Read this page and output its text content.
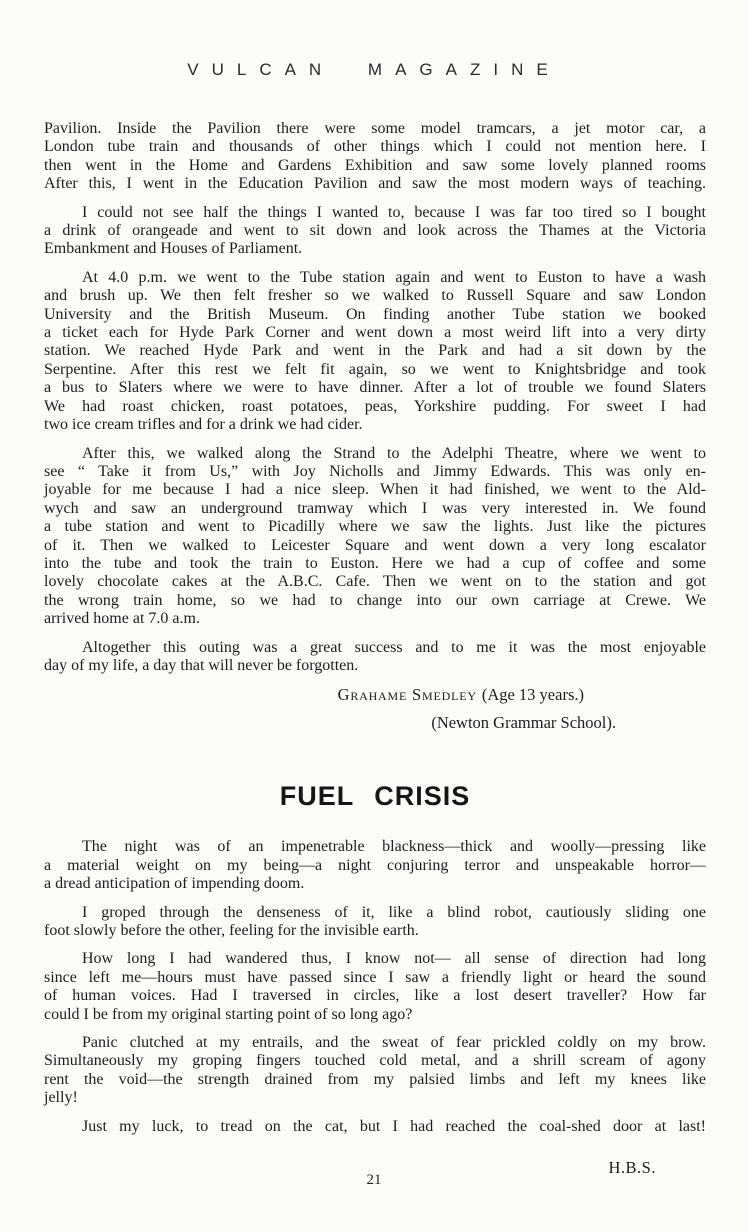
VULCAN MAGAZINE

Pavilion. Inside the Pavilion there were some model tramcars, a jet motor car, a
London tube train and thousands of other things which I could not mention here. I
then went in the Home and Gardens Exhibition and saw some lovely planned rooms
After this, I went in the Education Pavilion and saw the most modern ways of teaching.

I could not see half the things I wanted to, because I was far too tired so I bought
a drink of orangeade and went to sit down and look across the Thames at the Victoria
Embankment and Houses of Parliament.

At 4.0 p.m. we went to the Tube station again and went to Euston to have a wash
and brush up. We then felt fresher so we walked to Russell Square and saw London
University and the British Museum. On finding another Tube station we booked
a ticket each for Hyde Park Corner and went down a most weird lift into a very dirty
station. We reached Hyde Park and went in the Park and had a sit down by the
Serpentine. After this rest we felt fit again, so we went to Knightsbridge and took
a bus to Slaters where we were to have dinner. After a lot of trouble we found Slaters
We had roast chicken, roast potatoes, peas, Yorkshire pudding. For sweet I had
two ice cream trifles and for a drink we had cider.

After this, we walked along the Strand to the Adelphi Theatre, where we went to
see “ Take it from Us,” with Joy Nicholls and Jimmy Edwards. This was only en-
joyable for me because I had a nice sleep. When it had finished, we went to the Ald-
wych and saw an underground tramway which I was very interested in. We found
a tube station and went to Picadilly where we saw the lights. Just like the pictures
of it. Then we walked to Leicester Square and went down a very long escalator
into the tube and took the train to Euston. Here we had a cup of coffee and some
lovely chocolate cakes at the A.B.C. Cafe. Then we went on to the station and got
the wrong train home, so we had to change into our own carriage at Crewe. We
arrived home at 7.0 a.m.

Altogether this outing was a great success and to me it was the most enjoyable
day of my life, a day that will never be forgotten.

Grahame Smedley (Age 13 years.)
(Newton Grammar School).
FUEL CRISIS

The night was of an impenetrable blackness—thick and woolly—pressing like
a material weight on my being—a night conjuring terror and unspeakable horror—
a dread anticipation of impending doom.

I groped through the denseness of it, like a blind robot, cautiously sliding one
foot slowly before the other, feeling for the invisible earth.

How long I had wandered thus, I know not— all sense of direction had long
since left me—hours must have passed since I saw a friendly light or heard the sound
of human voices. Had I traversed in circles, like a lost desert traveller? How far
could I be from my original starting point of so long ago?

Panic clutched at my entrails, and the sweat of fear prickled coldly on my brow.
Simultaneously my groping fingers touched cold metal, and a shrill scream of agony
rent the void—the strength drained from my palsied limbs and left my knees like
jelly!

Just my luck, to tread on the cat, but I had reached the coal-shed door at last!

H.B.S.
21
